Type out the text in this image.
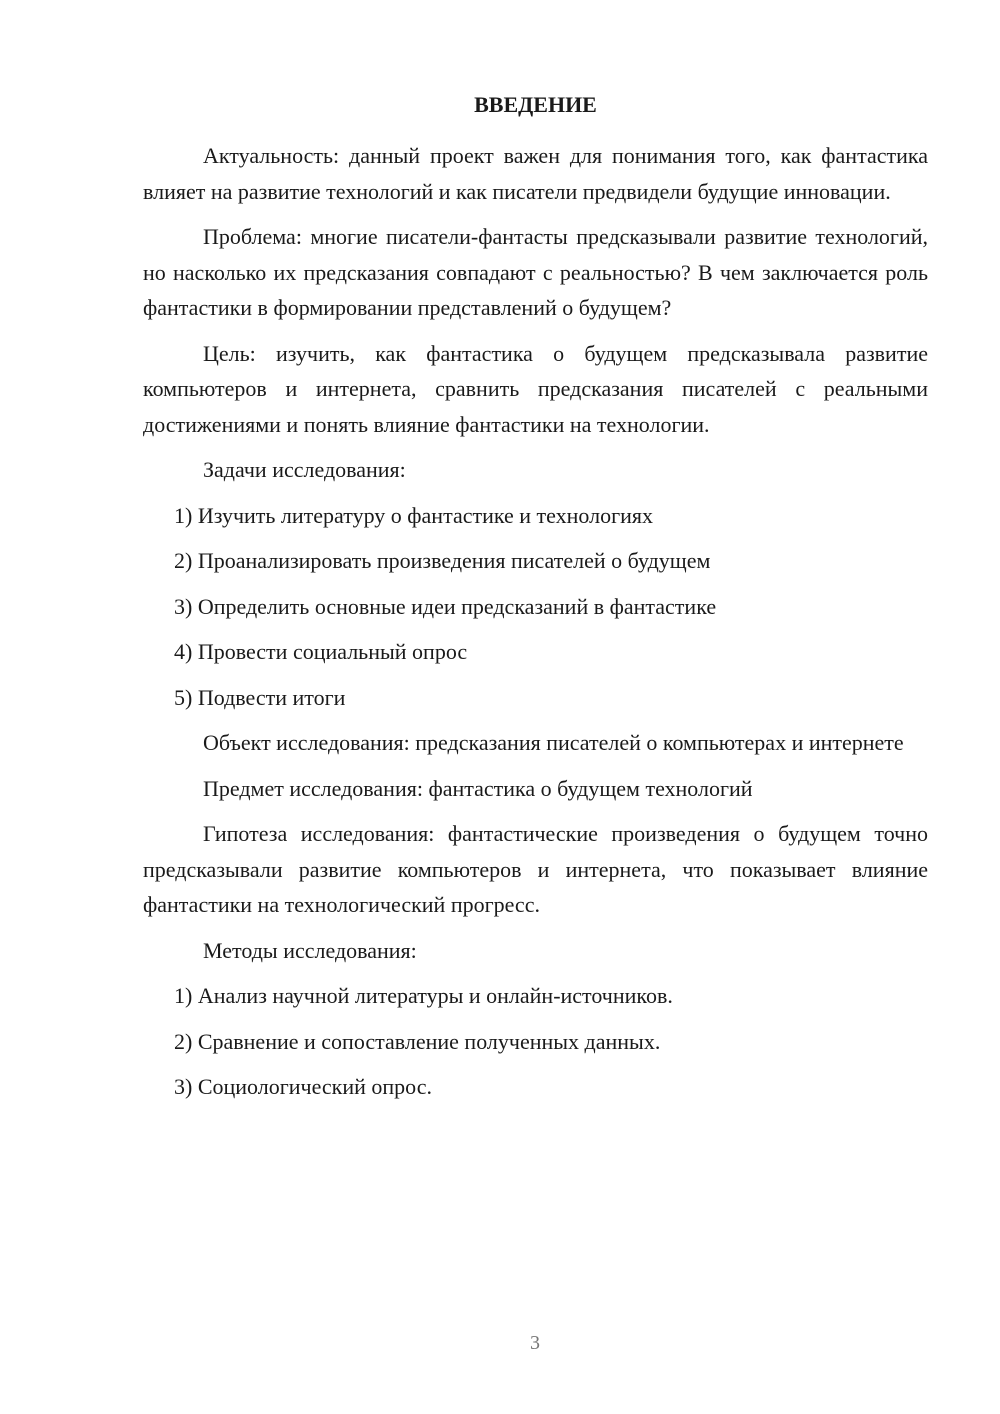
ВВЕДЕНИЕ

Актуальность: данный проект важен для понимания того, как фантастика влияет на развитие технологий и как писатели предвидели будущие инновации.

Проблема: многие писатели-фантасты предсказывали развитие технологий, но насколько их предсказания совпадают с реальностью? В чем заключается роль фантастики в формировании представлений о будущем?

Цель: изучить, как фантастика о будущем предсказывала развитие компьютеров и интернета, сравнить предсказания писателей с реальными достижениями и понять влияние фантастики на технологии.

Задачи исследования:

1) Изучить литературу о фантастике и технологиях
2) Проанализировать произведения писателей о будущем
3) Определить основные идеи предсказаний в фантастике
4) Провести социальный опрос
5) Подвести итоги

Объект исследования: предсказания писателей о компьютерах и интернете

Предмет исследования: фантастика о будущем технологий

Гипотеза исследования: фантастические произведения о будущем точно предсказывали развитие компьютеров и интернета, что показывает влияние фантастики на технологический прогресс.

Методы исследования:

1) Анализ научной литературы и онлайн-источников.
2) Сравнение и сопоставление полученных данных.
3) Социологический опрос.
3
